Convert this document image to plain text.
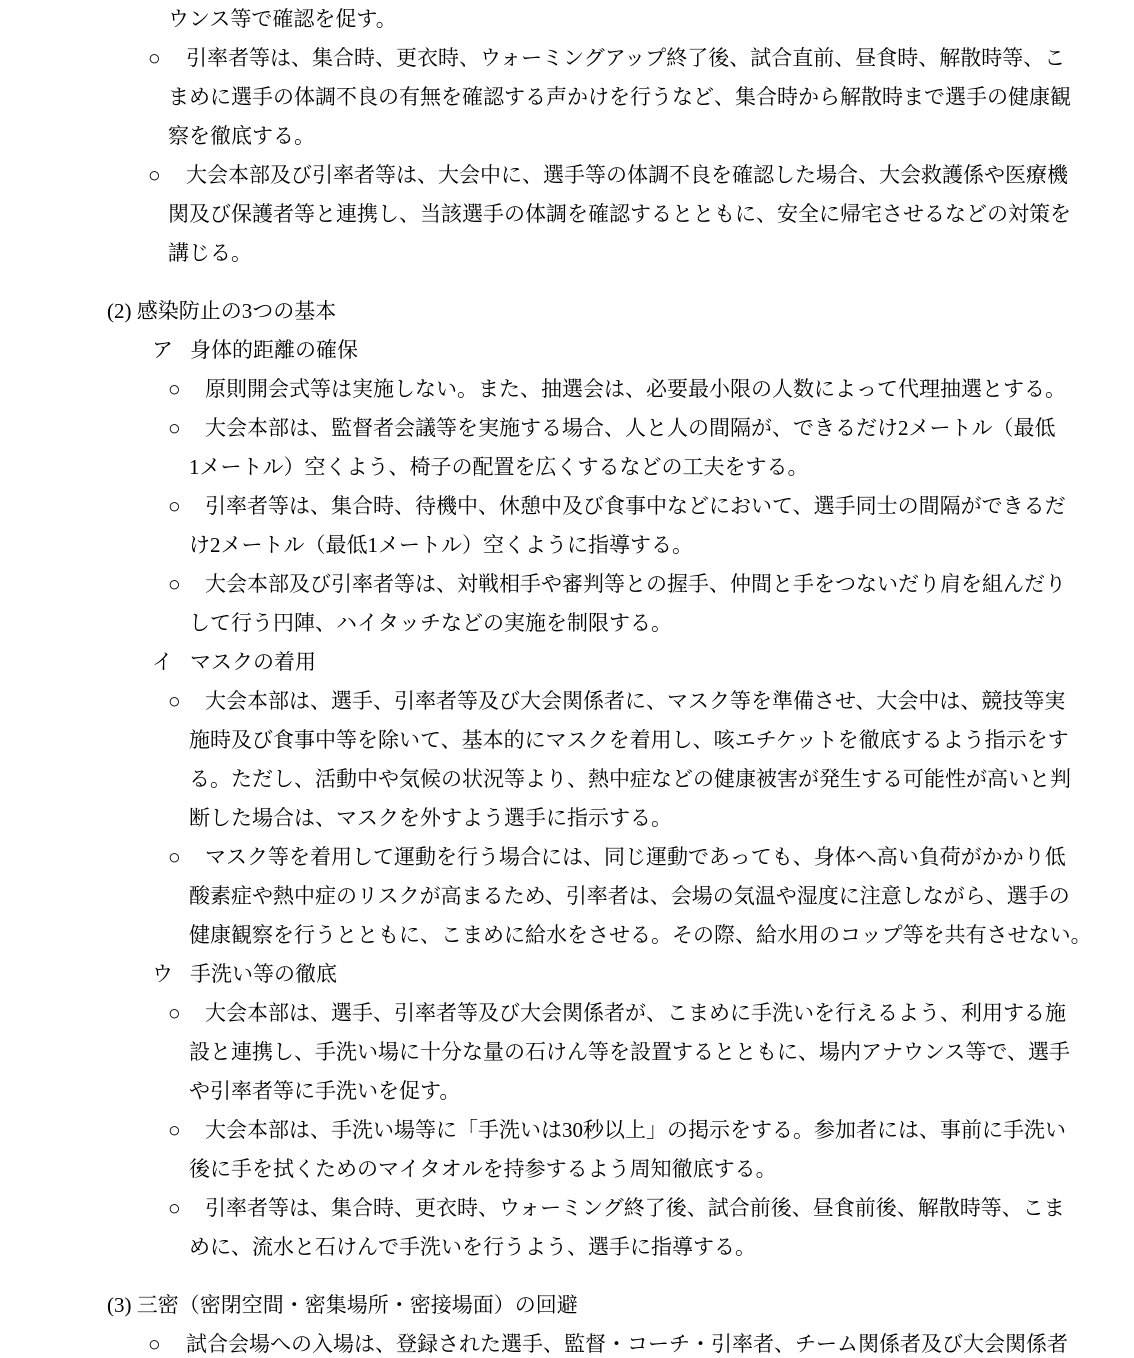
ウンス等で確認を促す。
○ 引率者等は、集合時、更衣時、ウォーミングアップ終了後、試合直前、昼食時、解散時等、こ
まめに選手の体調不良の有無を確認する声かけを行うなど、集合時から解散時まで選手の健康観
察を徹底する。
○ 大会本部及び引率者等は、大会中に、選手等の体調不良を確認した場合、大会救護係や医療機
関及び保護者等と連携し、当該選手の体調を確認するとともに、安全に帰宅させるなどの対策を
講じる。
(2) 感染防止の3つの基本
ア 身体的距離の確保
○ 原則開会式等は実施しない。また、抽選会は、必要最小限の人数によって代理抽選とする。
○ 大会本部は、監督者会議等を実施する場合、人と人の間隔が、できるだけ2メートル（最低
1メートル）空くよう、椅子の配置を広くするなどの工夫をする。
○ 引率者等は、集合時、待機中、休憩中及び食事中などにおいて、選手同士の間隔ができるだ
け2メートル（最低1メートル）空くように指導する。
○ 大会本部及び引率者等は、対戦相手や審判等との握手、仲間と手をつないだり肩を組んだり
して行う円陣、ハイタッチなどの実施を制限する。
イ マスクの着用
○ 大会本部は、選手、引率者等及び大会関係者に、マスク等を準備させ、大会中は、競技等実
施時及び食事中等を除いて、基本的にマスクを着用し、咳エチケットを徹底するよう指示をす
る。ただし、活動中や気候の状況等より、熱中症などの健康被害が発生する可能性が高いと判
断した場合は、マスクを外すよう選手に指示する。
○ マスク等を着用して運動を行う場合には、同じ運動であっても、身体へ高い負荷がかかり低
酸素症や熱中症のリスクが高まるため、引率者は、会場の気温や湿度に注意しながら、選手の
健康観察を行うとともに、こまめに給水をさせる。その際、給水用のコップ等を共有させない。
ウ 手洗い等の徹底
○ 大会本部は、選手、引率者等及び大会関係者が、こまめに手洗いを行えるよう、利用する施
設と連携し、手洗い場に十分な量の石けん等を設置するとともに、場内アナウンス等で、選手
や引率者等に手洗いを促す。
○ 大会本部は、手洗い場等に「手洗いは30秒以上」の掲示をする。参加者には、事前に手洗い
後に手を拭くためのマイタオルを持参するよう周知徹底する。
○ 引率者等は、集合時、更衣時、ウォーミング終了後、試合前後、昼食前後、解散時等、こま
めに、流水と石けんで手洗いを行うよう、選手に指導する。
(3) 三密（密閉空間・密集場所・密接場面）の回避
○ 試合会場への入場は、登録された選手、監督・コーチ・引率者、チーム関係者及び大会関係者
